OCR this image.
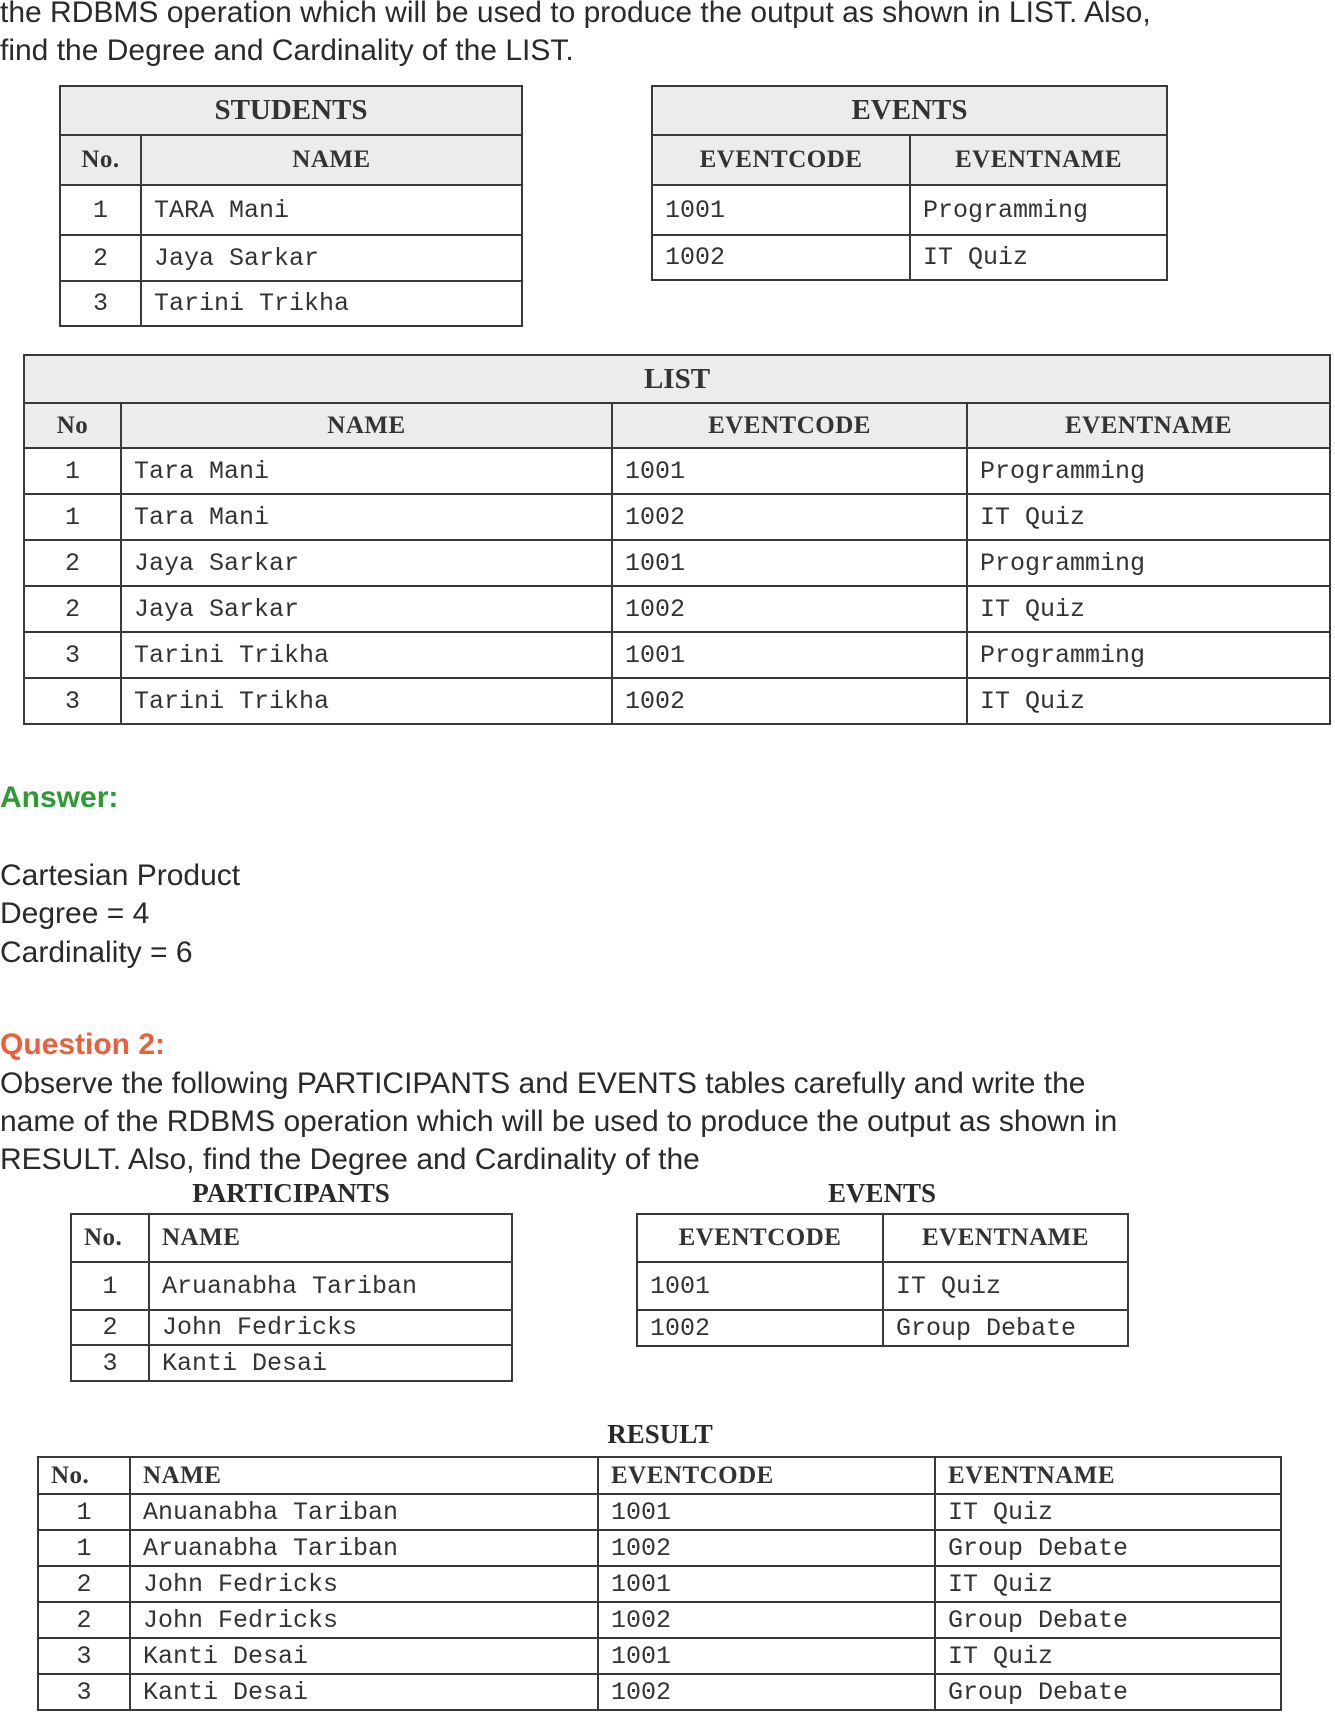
the RDBMS operation which will be used to produce the output as shown in LIST. Also,
find the Degree and Cardinality of the LIST.
STUDENTS	
No.	NAME
1	TARA Mani
2	Jaya Sarkar
3	Tarini Trikha
EVENTS	
EVENTCODE	EVENTNAME
1001	Programming
1002	IT Quiz
LIST			
No	NAME	EVENTCODE	EVENTNAME
1	Tara Mani	1001	Programming
1	Tara Mani	1002	IT Quiz
2	Jaya Sarkar	1001	Programming
2	Jaya Sarkar	1002	IT Quiz
3	Tarini Trikha	1001	Programming
3	Tarini Trikha	1002	IT Quiz
Answer:
Cartesian Product
Degree = 4
Cardinality = 6
Question 2:
Observe the following PARTICIPANTS and EVENTS tables carefully and write the
name of the RDBMS operation which will be used to produce the output as shown in
RESULT. Also, find the Degree and Cardinality of the
PARTICIPANTS	EVENTS
No.	NAME
1	Aruanabha Tariban
2	John Fedricks
3	Kanti Desai
EVENTCODE	EVENTNAME
1001	IT Quiz
1002	Group Debate
RESULT
No.	NAME	EVENTCODE	EVENTNAME
1	Anuanabha Tariban	1001	IT Quiz
1	Aruanabha Tariban	1002	Group Debate
2	John Fedricks	1001	IT Quiz
2	John Fedricks	1002	Group Debate
3	Kanti Desai	1001	IT Quiz
3	Kanti Desai	1002	Group Debate
